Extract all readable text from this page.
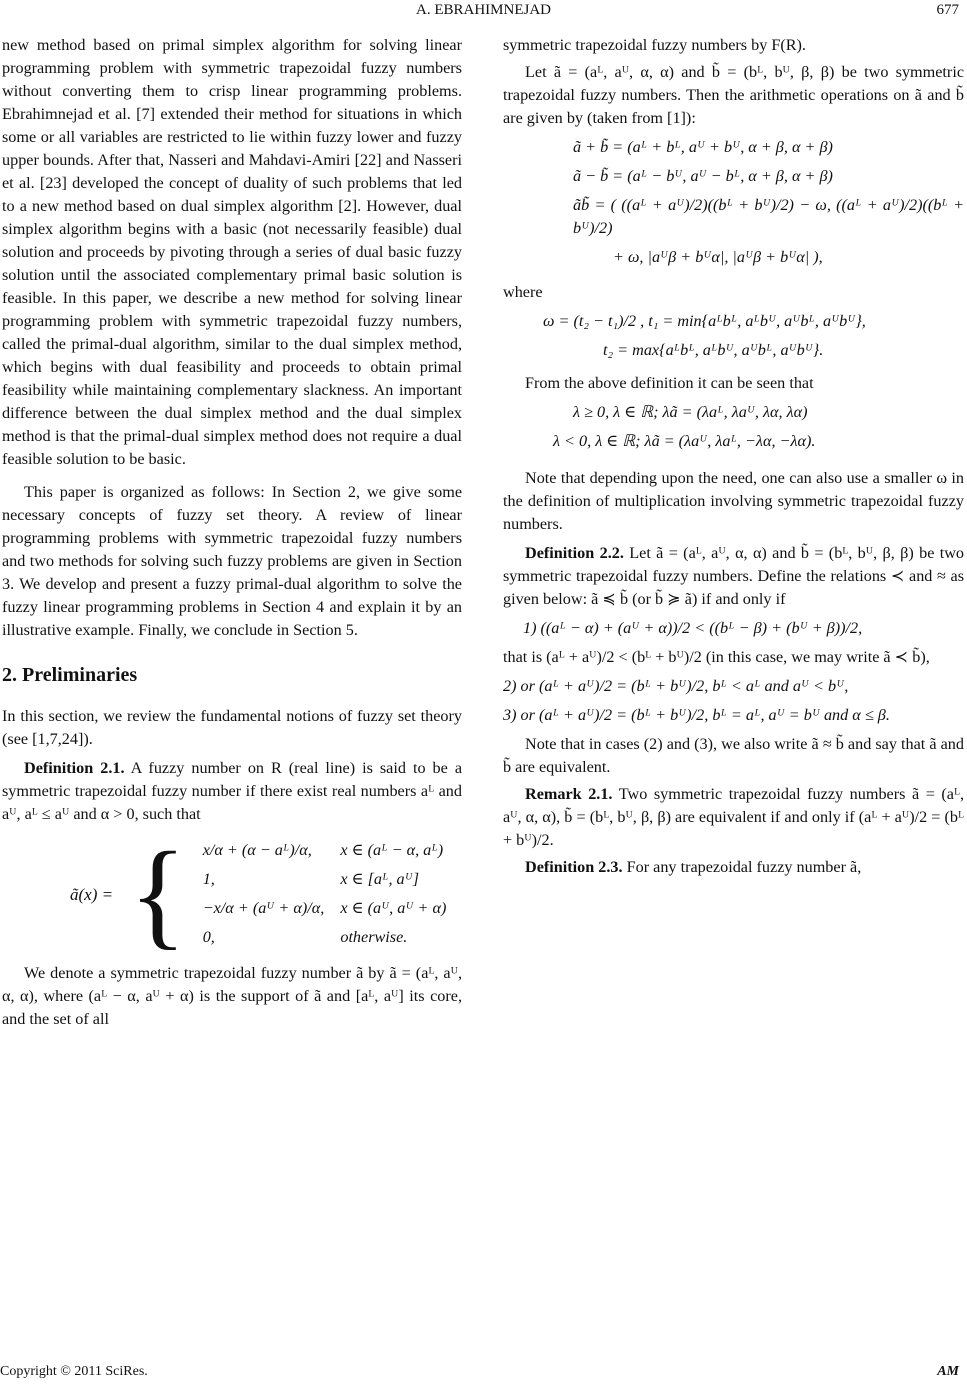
A. EBRAHIMNEJAD	677

new method based on primal simplex algorithm for solving linear programming problem with symmetric trapezoidal fuzzy numbers without converting them to crisp linear programming problems. Ebrahimnejad et al. [7] extended their method for situations in which some or all variables are restricted to lie within fuzzy lower and fuzzy upper bounds. After that, Nasseri and Mahdavi-Amiri [22] and Nasseri et al. [23] developed the concept of duality of such problems that led to a new method based on dual simplex algorithm [2]. However, dual simplex algorithm begins with a basic (not necessarily feasible) dual solution and proceeds by pivoting through a series of dual basic fuzzy solution until the associated complementary primal basic solution is feasible. In this paper, we describe a new method for solving linear programming problem with symmetric trapezoidal fuzzy numbers, called the primal-dual algorithm, similar to the dual simplex method, which begins with dual feasibility and proceeds to obtain primal feasibility while maintaining complementary slackness. An important difference between the dual simplex method and the dual simplex method is that the primal-dual simplex method does not require a dual feasible solution to be basic.

This paper is organized as follows: In Section 2, we give some necessary concepts of fuzzy set theory. A review of linear programming problems with symmetric trapezoidal fuzzy numbers and two methods for solving such fuzzy problems are given in Section 3. We develop and present a fuzzy primal-dual algorithm to solve the fuzzy linear programming problems in Section 4 and explain it by an illustrative example. Finally, we conclude in Section 5.

2. Preliminaries

In this section, we review the fundamental notions of fuzzy set theory (see [1,7,24]).

Definition 2.1. A fuzzy number on R (real line) is said to be a symmetric trapezoidal fuzzy number if there exist real numbers aᴸ and aᵁ, aᴸ ≤ aᵁ and α > 0, such that

ã(x) =	{	x/α + (α − aᴸ)/α,	x ∈ (aᴸ − α, aᴸ)
		1,	x ∈ [aᴸ, aᵁ]
		−x/α + (aᵁ + α)/α,	x ∈ (aᵁ, aᵁ + α)
		0,	otherwise.

We denote a symmetric trapezoidal fuzzy number ã by ã = (aᴸ, aᵁ, α, α), where (aᴸ − α, aᵁ + α) is the support of ã and [aᴸ, aᵁ] its core, and the set of all

symmetric trapezoidal fuzzy numbers by F(R).

Let ã = (aᴸ, aᵁ, α, α) and b̃ = (bᴸ, bᵁ, β, β) be two symmetric trapezoidal fuzzy numbers. Then the arithmetic operations on ã and b̃ are given by (taken from [1]):

ã + b̃ = (aᴸ + bᴸ, aᵁ + bᵁ, α + β, α + β)

ã − b̃ = (aᴸ − bᵁ, aᵁ − bᴸ, α + β, α + β)

ãb̃ = ( ((aᴸ + aᵁ)/2)((bᴸ + bᵁ)/2) − ω, ((aᴸ + aᵁ)/2)((bᴸ + bᵁ)/2)

+ ω, |aᵁβ + bᵁα|, |aᵁβ + bᵁα| ),

where

ω = (t₂ − t₁)/2 , t₁ = min{aᴸbᴸ, aᴸbᵁ, aᵁbᴸ, aᵁbᵁ},

t₂ = max{aᴸbᴸ, aᴸbᵁ, aᵁbᴸ, aᵁbᵁ}.

From the above definition it can be seen that

λ ≥ 0, λ ∈ ℝ; λã = (λaᴸ, λaᵁ, λα, λα)

λ < 0, λ ∈ ℝ; λã = (λaᵁ, λaᴸ, −λα, −λα).

Note that depending upon the need, one can also use a smaller ω in the definition of multiplication involving symmetric trapezoidal fuzzy numbers.

Definition 2.2. Let ã = (aᴸ, aᵁ, α, α) and b̃ = (bᴸ, bᵁ, β, β) be two symmetric trapezoidal fuzzy numbers. Define the relations ≺ and ≈ as given below: ã ≼ b̃ (or b̃ ≽ ã) if and only if

1) ((aᴸ − α) + (aᵁ + α))/2 < ((bᴸ − β) + (bᵁ + β))/2,

that is (aᴸ + aᵁ)/2 < (bᴸ + bᵁ)/2 (in this case, we may write ã ≺ b̃),

2) or (aᴸ + aᵁ)/2 = (bᴸ + bᵁ)/2, bᴸ < aᴸ and aᵁ < bᵁ,

3) or (aᴸ + aᵁ)/2 = (bᴸ + bᵁ)/2, bᴸ = aᴸ, aᵁ = bᵁ and α ≤ β.

Note that in cases (2) and (3), we also write ã ≈ b̃ and say that ã and b̃ are equivalent.

Remark 2.1. Two symmetric trapezoidal fuzzy numbers ã = (aᴸ, aᵁ, α, α), b̃ = (bᴸ, bᵁ, β, β) are equivalent if and only if (aᴸ + aᵁ)/2 = (bᴸ + bᵁ)/2.

Definition 2.3. For any trapezoidal fuzzy number ã,

Copyright © 2011 SciRes.	AM
